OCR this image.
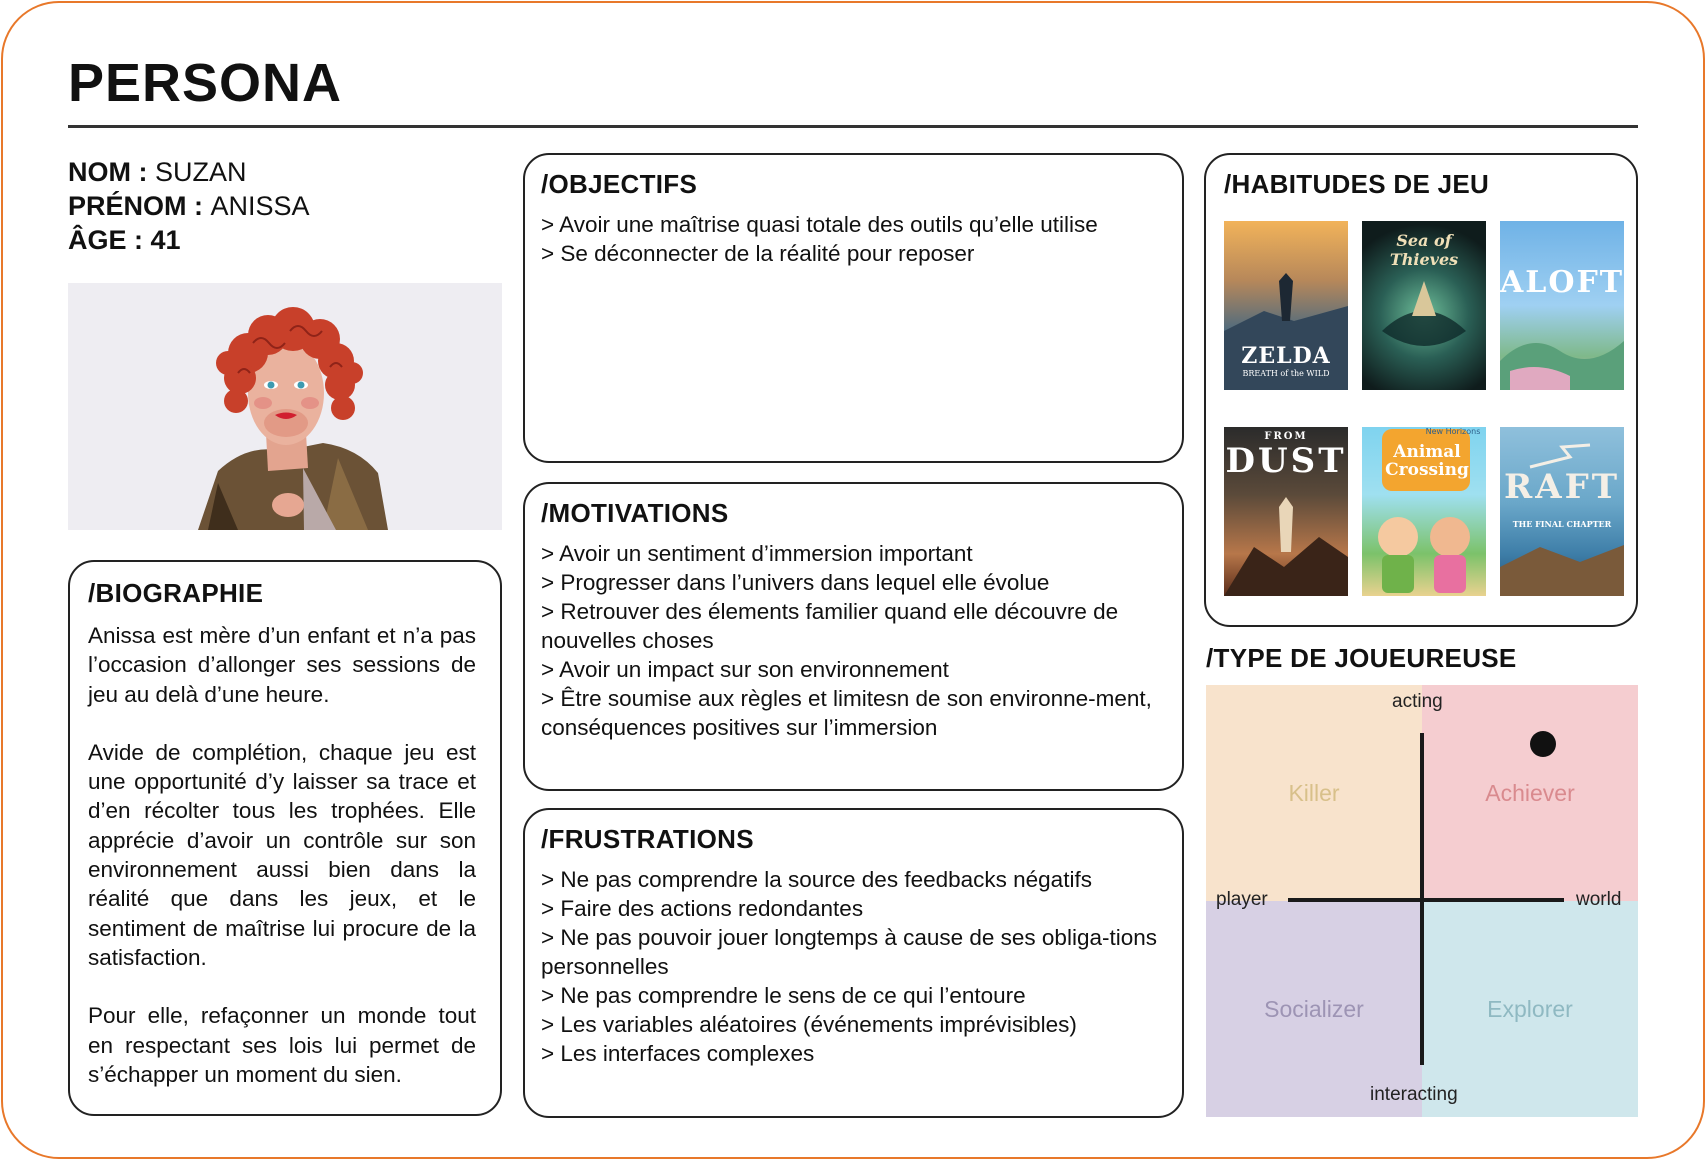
PERSONA
NOM : SUZAN
PRÉNOM : ANISSA
ÂGE : 41
/BIOGRAPHIE

Anissa est mère d’un enfant et n’a pas l’occasion d’allonger ses sessions de jeu au delà d’une heure.

Avide de complétion, chaque jeu est une opportunité d’y laisser sa trace et d’en récolter tous les trophées. Elle apprécie d’avoir un contrôle sur son environnement aussi bien dans la réalité que dans les jeux, et le sentiment de maîtrise lui procure de la satisfaction.

Pour elle, refaçonner un monde tout en respectant ses lois lui permet de s’échapper un moment du sien.

/OBJECTIFS
> Avoir une maîtrise quasi totale des outils qu’elle utilise
> Se déconnecter de la réalité pour reposer
/MOTIVATIONS
> Avoir un sentiment d’immersion important
> Progresser dans l’univers dans lequel elle évolue
> Retrouver des élements familier quand elle découvre de nouvelles choses
> Avoir un impact sur son environnement
> Être soumise aux règles et limitesn de son environne-ment, conséquences positives sur l’immersion
/FRUSTRATIONS
> Ne pas comprendre la source des feedbacks négatifs
> Faire des actions redondantes
> Ne pas pouvoir jouer longtemps à cause de ses obliga-tions personnelles
> Ne pas comprendre le sens de ce qui l’entoure
> Les variables aléatoires (événements imprévisibles)
> Les interfaces complexes
/HABITUDES DE JEU
ZELDA
BREATH of the WILD
Sea of Thieves
ALOFT
FROM
DUST
New Horizons
Animal Crossing RAFT
THE FINAL CHAPTER
/TYPE DE JOUEUREUSE
Killer	Achiever
Socializer	Explorer
acting
interacting
player	world
